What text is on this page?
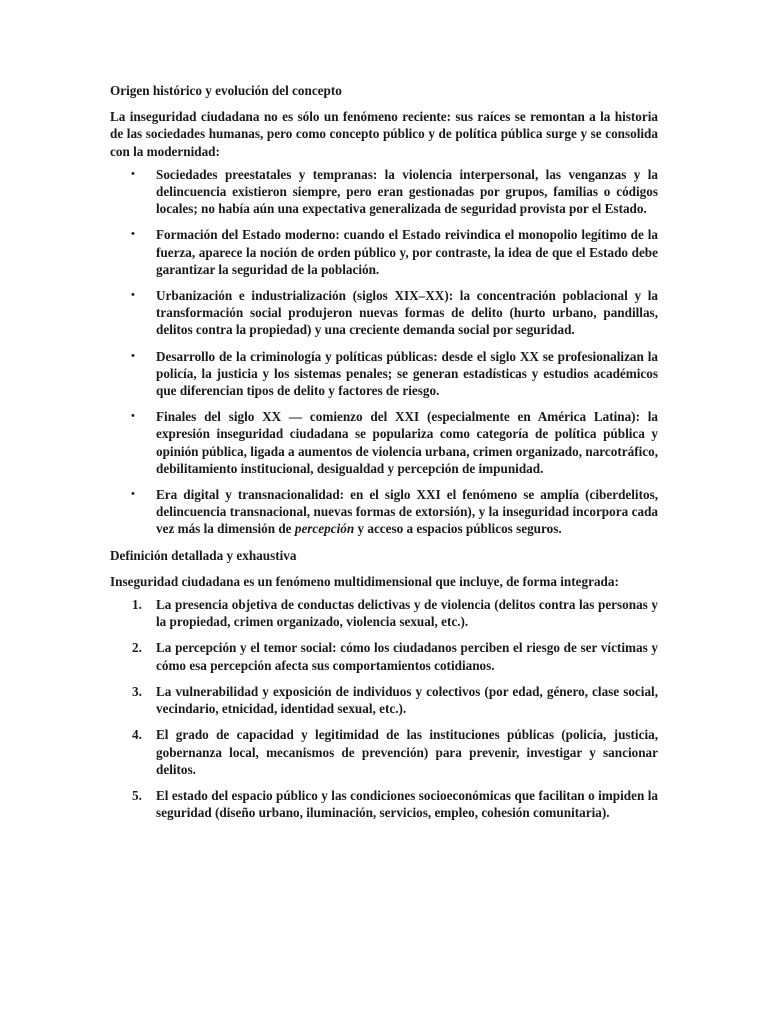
Origen histórico y evolución del concepto

La inseguridad ciudadana no es sólo un fenómeno reciente: sus raíces se remontan a la historia de las sociedades humanas, pero como concepto público y de política pública surge y se consolida con la modernidad:

• Sociedades preestatales y tempranas: la violencia interpersonal, las venganzas y la delincuencia existieron siempre, pero eran gestionadas por grupos, familias o códigos locales; no había aún una expectativa generalizada de seguridad provista por el Estado.
• Formación del Estado moderno: cuando el Estado reivindica el monopolio legítimo de la fuerza, aparece la noción de orden público y, por contraste, la idea de que el Estado debe garantizar la seguridad de la población.
• Urbanización e industrialización (siglos XIX–XX): la concentración poblacional y la transformación social produjeron nuevas formas de delito (hurto urbano, pandillas, delitos contra la propiedad) y una creciente demanda social por seguridad.
• Desarrollo de la criminología y políticas públicas: desde el siglo XX se profesionalizan la policía, la justicia y los sistemas penales; se generan estadísticas y estudios académicos que diferencian tipos de delito y factores de riesgo.
• Finales del siglo XX — comienzo del XXI (especialmente en América Latina): la expresión inseguridad ciudadana se populariza como categoría de política pública y opinión pública, ligada a aumentos de violencia urbana, crimen organizado, narcotráfico, debilitamiento institucional, desigualdad y percepción de impunidad.
• Era digital y transnacionalidad: en el siglo XXI el fenómeno se amplía (ciberdelitos, delincuencia transnacional, nuevas formas de extorsión), y la inseguridad incorpora cada vez más la dimensión de percepción y acceso a espacios públicos seguros.
Definición detallada y exhaustiva

Inseguridad ciudadana es un fenómeno multidimensional que incluye, de forma integrada:

1. La presencia objetiva de conductas delictivas y de violencia (delitos contra las personas y la propiedad, crimen organizado, violencia sexual, etc.).
2. La percepción y el temor social: cómo los ciudadanos perciben el riesgo de ser víctimas y cómo esa percepción afecta sus comportamientos cotidianos.
3. La vulnerabilidad y exposición de individuos y colectivos (por edad, género, clase social, vecindario, etnicidad, identidad sexual, etc.).
4. El grado de capacidad y legitimidad de las instituciones públicas (policía, justicia, gobernanza local, mecanismos de prevención) para prevenir, investigar y sancionar delitos.
5. El estado del espacio público y las condiciones socioeconómicas que facilitan o impiden la seguridad (diseño urbano, iluminación, servicios, empleo, cohesión comunitaria).
